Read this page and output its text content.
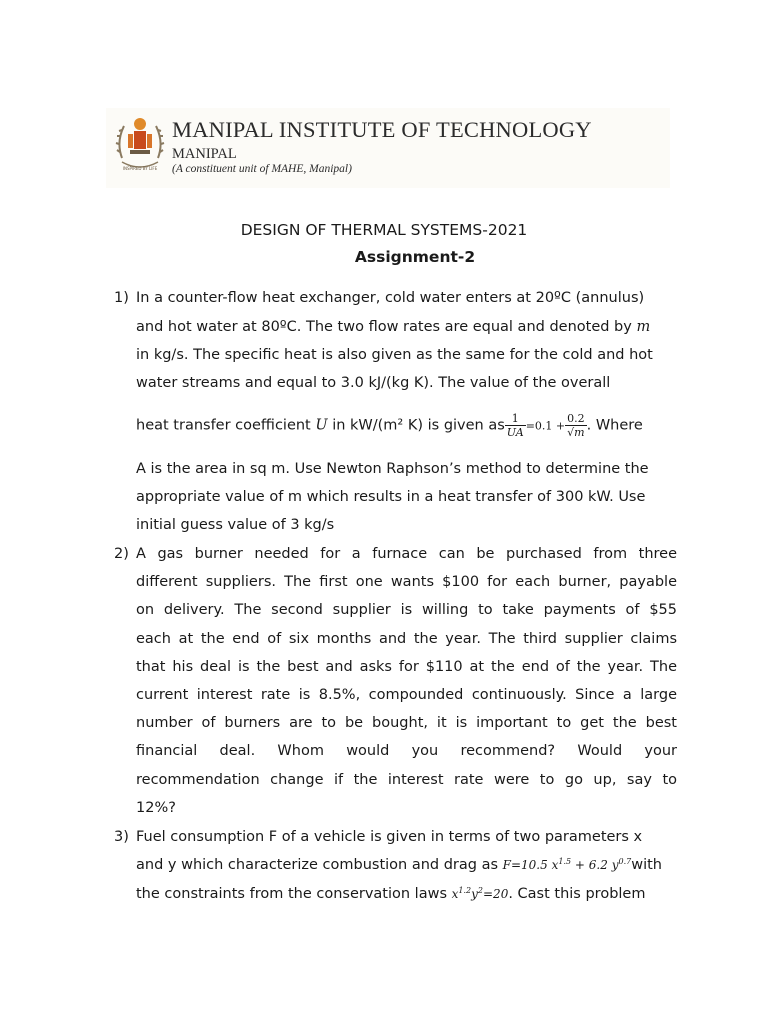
INSPIRED BY LIFE
MANIPAL INSTITUTE OF TECHNOLOGY
MANIPAL
(A constituent unit of MAHE, Manipal)
DESIGN OF THERMAL SYSTEMS-2021
Assignment-2
1) In a counter-flow heat exchanger, cold water enters at 20ºC (annulus)
and hot water at 80ºC. The two flow rates are equal and denoted by m
in kg/s. The specific heat is also given as the same for the cold and hot
water streams and equal to 3.0 kJ/(kg K). The value of the overall
heat transfer coefficient U in kW/(m² K) is given as $\frac{1}{UA} =0.1 + \frac{0.2}{√m}$ . Where
A is the area in sq m. Use Newton Raphson’s method to determine the
appropriate value of m which results in a heat transfer of 300 kW. Use
initial guess value of 3 kg/s
2) A gas burner needed for a furnace can be purchased from three
different suppliers. The first one wants $100 for each burner, payable
on delivery. The second supplier is willing to take payments of $55
each at the end of six months and the year. The third supplier claims
that his deal is the best and asks for $110 at the end of the year. The
current interest rate is 8.5%, compounded continuously. Since a large
number of burners are to be bought, it is important to get the best
financial deal. Whom would you recommend? Would your
recommendation change if the interest rate were to go up, say to
12%?
3) Fuel consumption F of a vehicle is given in terms of two parameters x
and y which characterize combustion and drag as F=10.5 $x^{1.5} + 6.2$ $y^{0.7}with$
the constraints from the conservation laws $x^{1.2}y^2=20$. Cast this problem
